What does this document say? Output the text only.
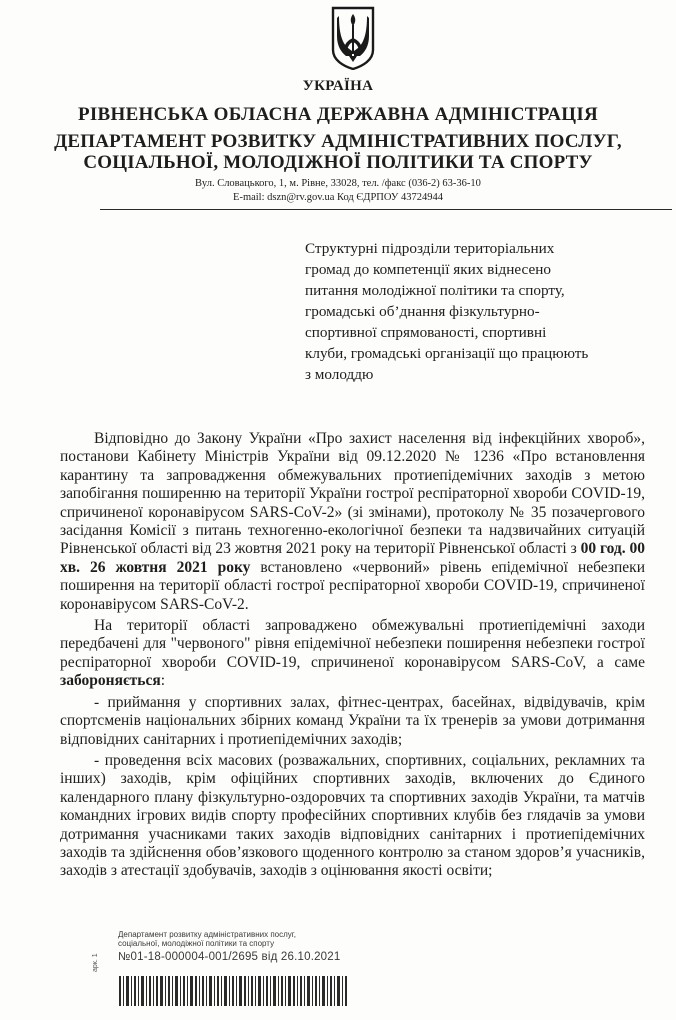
УКРАЇНА
РІВНЕНСЬКА ОБЛАСНА ДЕРЖАВНА АДМІНІСТРАЦІЯ
ДЕПАРТАМЕНТ РОЗВИТКУ АДМІНІСТРАТИВНИХ ПОСЛУГ,
СОЦІАЛЬНОЇ, МОЛОДІЖНОЇ ПОЛІТИКИ ТА СПОРТУ
Вул. Словацького, 1, м. Рівне, 33028, тел. /факс (036-2) 63-36-10
E-mail: dszn@rv.gov.ua Код ЄДРПОУ 43724944
Структурні підрозділи територіальних
громад до компетенції яких віднесено
питання молодіжної політики та спорту,
громадські об’днання фізкультурно-
спортивної спрямованості, спортивні
клуби, громадські організації що працюють
з молоддю

Відповідно до Закону України «Про захист населення від інфекційних хвороб», постанови Кабінету Міністрів України від 09.12.2020 № 1236 «Про встановлення карантину та запровадження обмежувальних протиепідемічних заходів з метою запобігання поширенню на території України гострої респіраторної хвороби COVID-19, спричиненої коронавірусом SARS-CoV-2» (зі змінами), протоколу № 35 позачергового засідання Комісії з питань техногенно-екологічної безпеки та надзвичайних ситуацій Рівненської області від 23 жовтня 2021 року на території Рівненської області з 00 год. 00 хв. 26 жовтня 2021 року встановлено «червоний» рівень епідемічної небезпеки поширення на території області гострої респіраторної хвороби COVID-19, спричиненої коронавірусом SARS-CoV-2.

На території області запроваджено обмежувальні протиепідемічні заходи передбачені для "червоного" рівня епідемічної небезпеки поширення небезпеки гострої респіраторної хвороби COVID-19, спричиненої коронавірусом SARS-CoV, а саме забороняється:

- приймання у спортивних залах, фітнес-центрах, басейнах, відвідувачів, крім спортсменів національних збірних команд України та їх тренерів за умови дотримання відповідних санітарних і протиепідемічних заходів;

- проведення всіх масових (розважальних, спортивних, соціальних, рекламних та інших) заходів, крім офіційних спортивних заходів, включених до Єдиного календарного плану фізкультурно-оздоровчих та спортивних заходів України, та матчів командних ігрових видів спорту професійних спортивних клубів без глядачів за умови дотримання учасниками таких заходів відповідних санітарних і протиепідемічних заходів та здійснення обов’язкового щоденного контролю за станом здоров’я учасників, заходів з атестації здобувачів, заходів з оцінювання якості освіти;

Департамент розвитку адміністративних послуг,
соціальної, молодіжної політики та спорту
№01-18-000004-001/2695 від 26.10.2021
арк. 1
